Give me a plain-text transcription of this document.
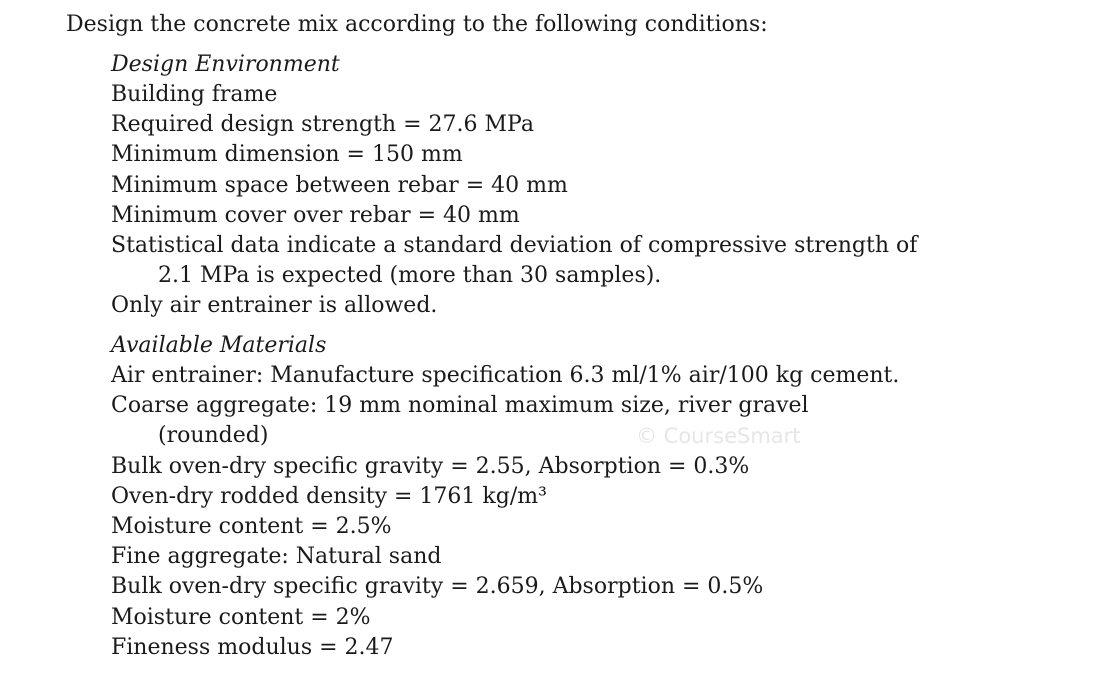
Design the concrete mix according to the following conditions:
Design Environment
Building frame
Required design strength = 27.6 MPa
Minimum dimension = 150 mm
Minimum space between rebar = 40 mm
Minimum cover over rebar = 40 mm
Statistical data indicate a standard deviation of compressive strength of
2.1 MPa is expected (more than 30 samples).
Only air entrainer is allowed.
Available Materials
Air entrainer: Manufacture specification 6.3 ml/1% air/100 kg cement.
Coarse aggregate: 19 mm nominal maximum size, river gravel
(rounded)
Bulk oven-dry specific gravity = 2.55, Absorption = 0.3%
Oven-dry rodded density = 1761 kg/m³
Moisture content = 2.5%
Fine aggregate: Natural sand
Bulk oven-dry specific gravity = 2.659, Absorption = 0.5%
Moisture content = 2%
Fineness modulus = 2.47
© CourseSmart
